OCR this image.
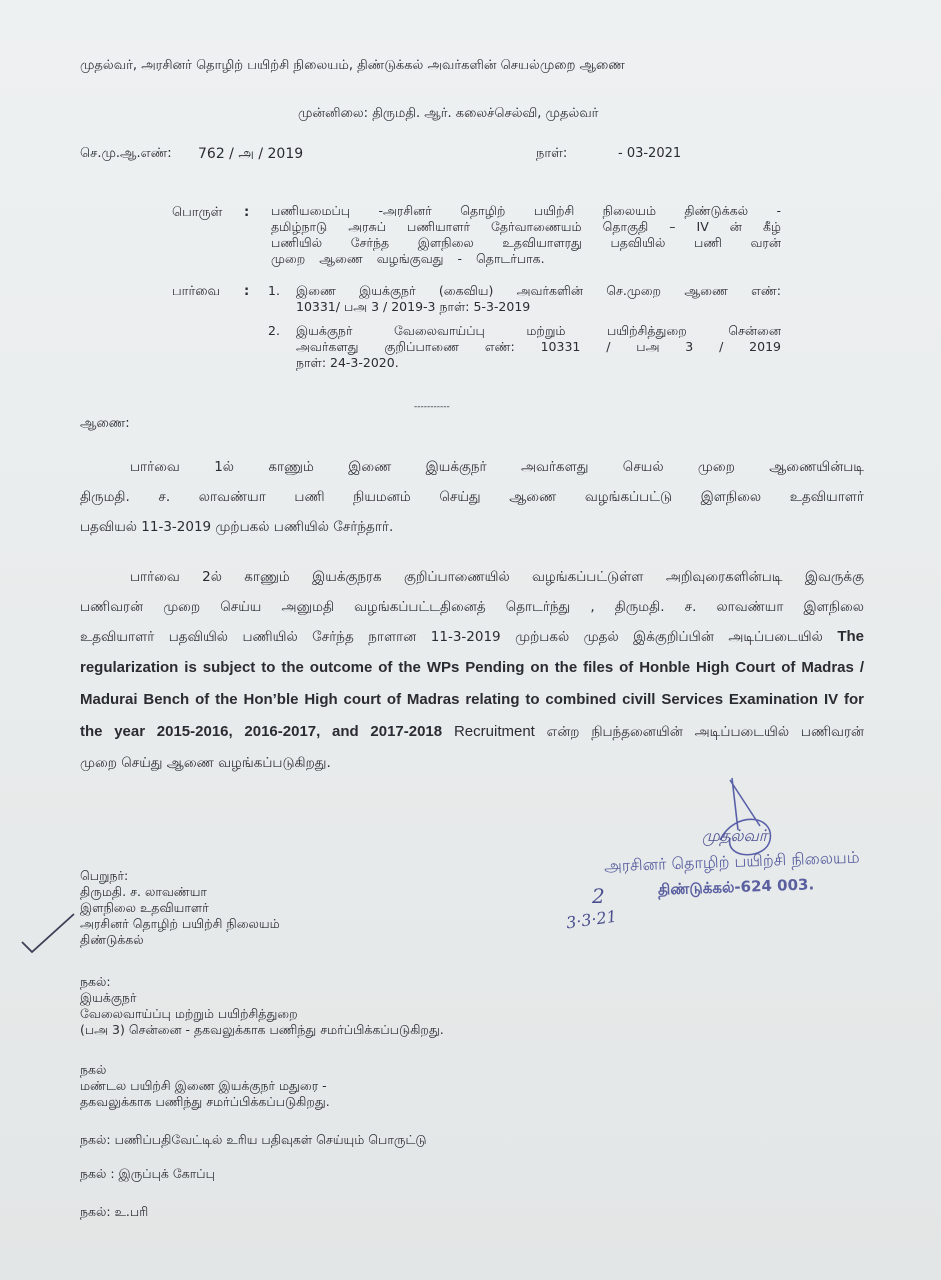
முதல்வர், அரசினர் தொழிற் பயிற்சி நிலையம், திண்டுக்கல் அவர்களின் செயல்முறை ஆணை
முன்னிலை: திருமதி. ஆர். கலைச்செல்வி, முதல்வர்
செ.மு.ஆ.எண்: 762 / அ / 2019	நாள்:	- 03-2021
பொருள் : பணியமைப்பு -அரசினர் தொழிற் பயிற்சி நிலையம் திண்டுக்கல் -
தமிழ்நாடு அரசுப் பணியாளர் தேர்வாணையம் தொகுதி – IV ன் கீழ்
பணியில் சேர்ந்த இளநிலை உதவியாளரது பதவியில் பணி வரன்
முறை ஆணை வழங்குவது - தொடர்பாக.
பார்வை : 1. இணை இயக்குநர் (கைவிய) அவர்களின் செ.முறை ஆணை எண்:
10331/ பஅ 3 / 2019-3 நாள்: 5-3-2019
2. இயக்குநர் வேலைவாய்ப்பு மற்றும் பயிற்சித்துறை சென்னை
அவர்களது குறிப்பாணை எண்: 10331 / பஅ 3 / 2019
நாள்: 24-3-2020.
-----------
ஆணை:
பார்வை 1ல் காணும் இணை இயக்குநர் அவர்களது செயல் முறை ஆணையின்படி
திருமதி. ச. லாவண்யா பணி நியமனம் செய்து ஆணை வழங்கப்பட்டு இளநிலை உதவியாளர்
பதவியல் 11-3-2019 முற்பகல் பணியில் சேர்ந்தார்.
பார்வை 2ல் காணும் இயக்குநரக குறிப்பாணையில் வழங்கப்பட்டுள்ள அறிவுரைகளின்படி இவருக்கு
பணிவரன் முறை செய்ய அனுமதி வழங்கப்பட்டதினைத் தொடர்ந்து , திருமதி. ச. லாவண்யா இளநிலை
உதவியாளர் பதவியில் பணியில் சேர்ந்த நாளான 11-3-2019 முற்பகல் முதல் இக்குறிப்பின் அடிப்படையில் The
regularization is subject to the outcome of the WPs Pending on the files of Honble High Court of Madras /
Madurai Bench of the Hon’ble High court of Madras relating to combined civill Services Examination IV for
the year 2015-2016, 2016-2017, and 2017-2018 Recruitment என்ற நிபந்தனையின் அடிப்படையில் பணிவரன்
முறை செய்து ஆணை வழங்கப்படுகிறது.
முதல்வர்
அரசினர் தொழிற் பயிற்சி நிலையம்
திண்டுக்கல்-624 003.
2
3·3·21
பெறுநர்:
திருமதி. ச. லாவண்யா
இளநிலை உதவியாளர்
அரசினர் தொழிற் பயிற்சி நிலையம்
திண்டுக்கல்
நகல்:
இயக்குநர்
வேலைவாய்ப்பு மற்றும் பயிற்சித்துறை
(பஅ 3) சென்னை - தகவலுக்காக பணிந்து சமர்ப்பிக்கப்படுகிறது.
நகல்
மண்டல பயிற்சி இணை இயக்குநர் மதுரை -
தகவலுக்காக பணிந்து சமர்ப்பிக்கப்படுகிறது.
நகல்: பணிப்பதிவேட்டில் உரிய பதிவுகள் செய்யும் பொருட்டு
நகல் : இருப்புக் கோப்பு
நகல்: உ.பரி
